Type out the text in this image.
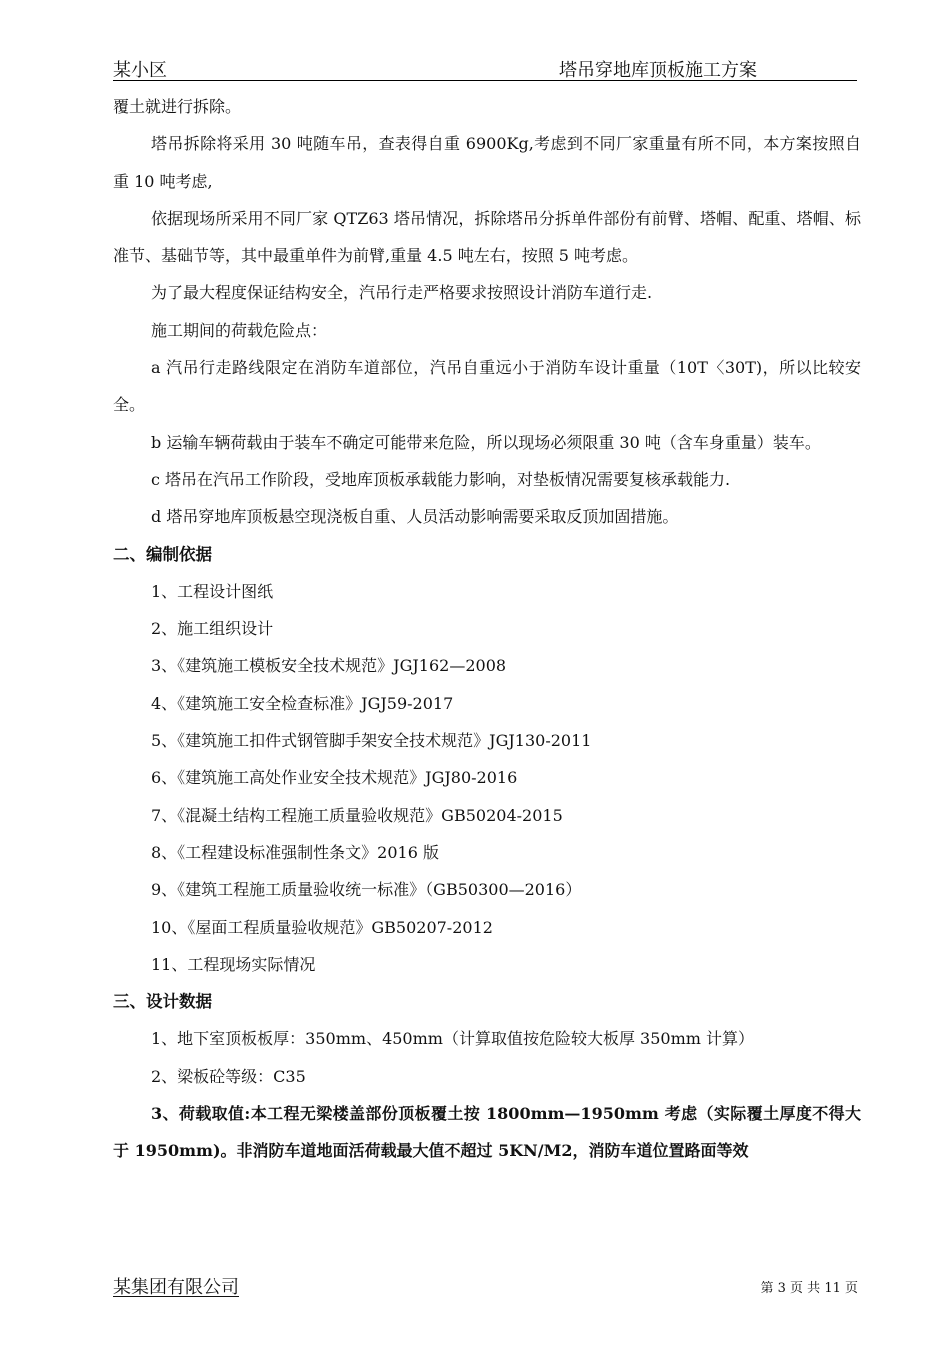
某小区	塔吊穿地库顶板施工方案

覆土就进行拆除。

塔吊拆除将采用 30 吨随车吊，查表得自重 6900Kg,考虑到不同厂家重量有所不同，本方案按照自重 10 吨考虑,

依据现场所采用不同厂家 QTZ63 塔吊情况，拆除塔吊分拆单件部份有前臂、塔帽、配重、塔帽、标准节、基础节等，其中最重单件为前臂,重量 4.5 吨左右，按照 5 吨考虑。

为了最大程度保证结构安全，汽吊行走严格要求按照设计消防车道行走.

施工期间的荷载危险点：

a 汽吊行走路线限定在消防车道部位，汽吊自重远小于消防车设计重量（10T〈30T)，所以比较安全。

b 运输车辆荷载由于装车不确定可能带来危险，所以现场必须限重 30 吨（含车身重量）装车。

c 塔吊在汽吊工作阶段，受地库顶板承载能力影响，对垫板情况需要复核承载能力.

d 塔吊穿地库顶板悬空现浇板自重、人员活动影响需要采取反顶加固措施。

二、编制依据

1、工程设计图纸

2、施工组织设计

3、《建筑施工模板安全技术规范》JGJ162—2008

4、《建筑施工安全检查标准》JGJ59-2017

5、《建筑施工扣件式钢管脚手架安全技术规范》JGJ130-2011

6、《建筑施工高处作业安全技术规范》JGJ80-2016

7、《混凝土结构工程施工质量验收规范》GB50204-2015

8、《工程建设标准强制性条文》2016 版

9、《建筑工程施工质量验收统一标准》（GB50300—2016）

10、《屋面工程质量验收规范》GB50207-2012

11、工程现场实际情况

三、设计数据

1、地下室顶板板厚：350mm、450mm（计算取值按危险较大板厚 350mm 计算）

2、梁板砼等级：C35

3、荷载取值:本工程无梁楼盖部份顶板覆土按 1800mm—1950mm 考虑（实际覆土厚度不得大于 1950mm)。非消防车道地面活荷载最大值不超过 5KN/M2，消防车道位置路面等效

某集团有限公司	第 3 页 共 11 页
